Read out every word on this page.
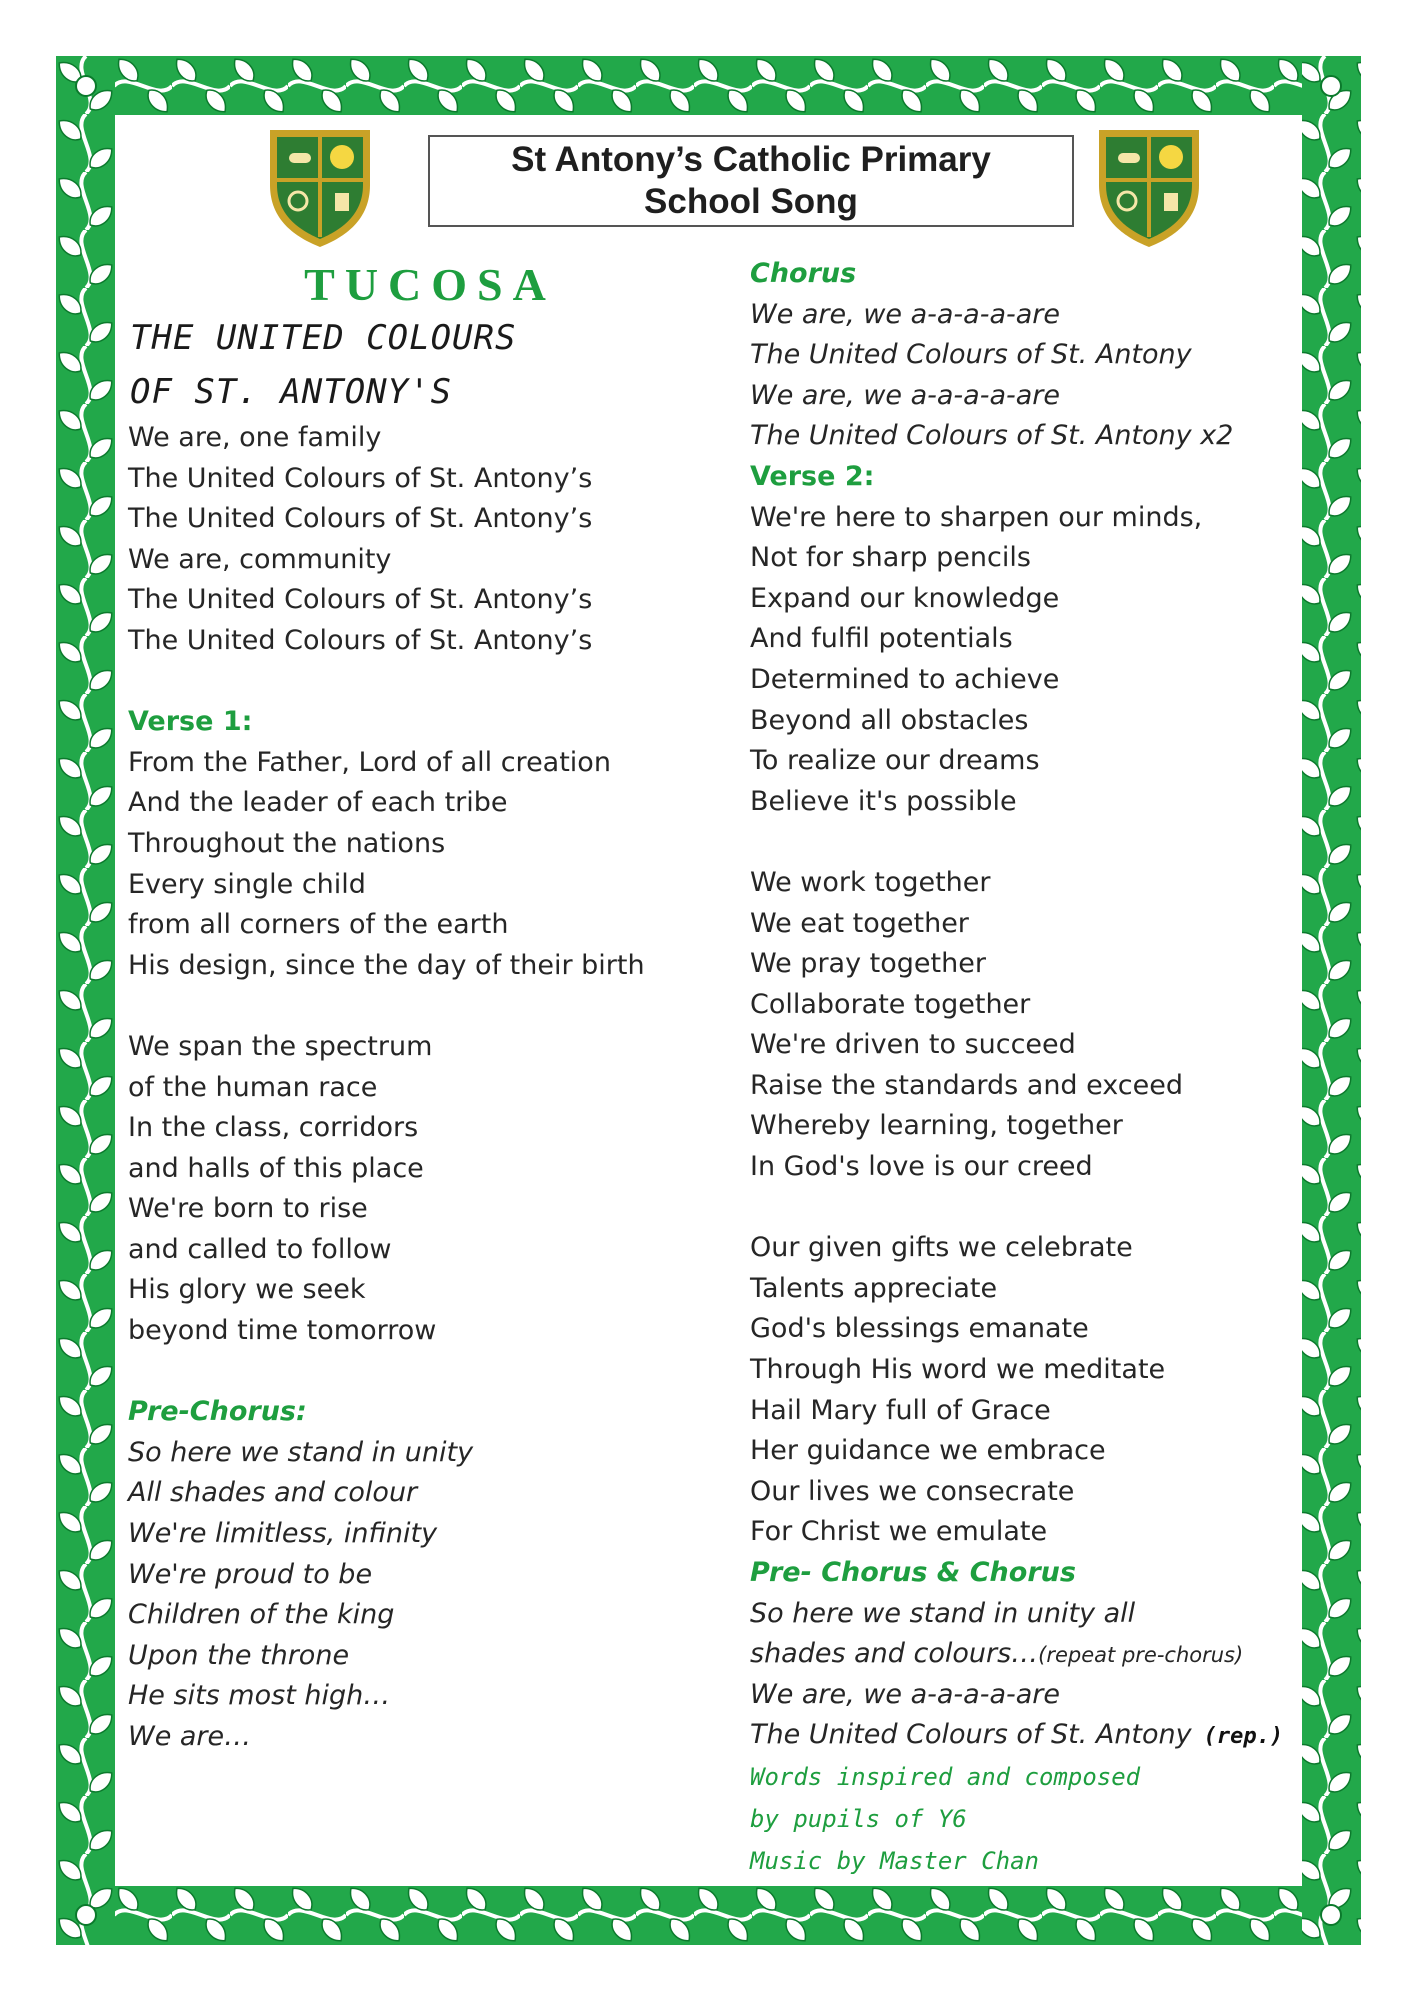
St Antony’s Catholic Primary
School Song
TUCOSA
THE UNITED COLOURS
OF ST. ANTONY'S
We are, one family
The United Colours of St. Antony’s
The United Colours of St. Antony’s
We are, community
The United Colours of St. Antony’s
The United Colours of St. Antony’s
Verse 1:
From the Father, Lord of all creation
And the leader of each tribe
Throughout the nations
Every single child
from all corners of the earth
His design, since the day of their birth
We span the spectrum
of the human race
In the class, corridors
and halls of this place
We're born to rise
and called to follow
His glory we seek
beyond time tomorrow
Pre-Chorus:
So here we stand in unity
All shades and colour
We're limitless, infinity
We're proud to be
Children of the king
Upon the throne
He sits most high…
We are…
Chorus
We are, we a-a-a-a-are
The United Colours of St. Antony
We are, we a-a-a-a-are
The United Colours of St. Antony x2
Verse 2:
We're here to sharpen our minds,
Not for sharp pencils
Expand our knowledge
And fulfil potentials
Determined to achieve
Beyond all obstacles
To realize our dreams
Believe it's possible
We work together
We eat together
We pray together
Collaborate together
We're driven to succeed
Raise the standards and exceed
Whereby learning, together
In God's love is our creed
Our given gifts we celebrate
Talents appreciate
God's blessings emanate
Through His word we meditate
Hail Mary full of Grace
Her guidance we embrace
Our lives we consecrate
For Christ we emulate
Pre- Chorus & Chorus
So here we stand in unity all
shades and colours…(repeat pre-chorus)
We are, we a-a-a-a-are
The United Colours of St. Antony (rep.)
Words inspired and composed
by pupils of Y6
Music by Master Chan
